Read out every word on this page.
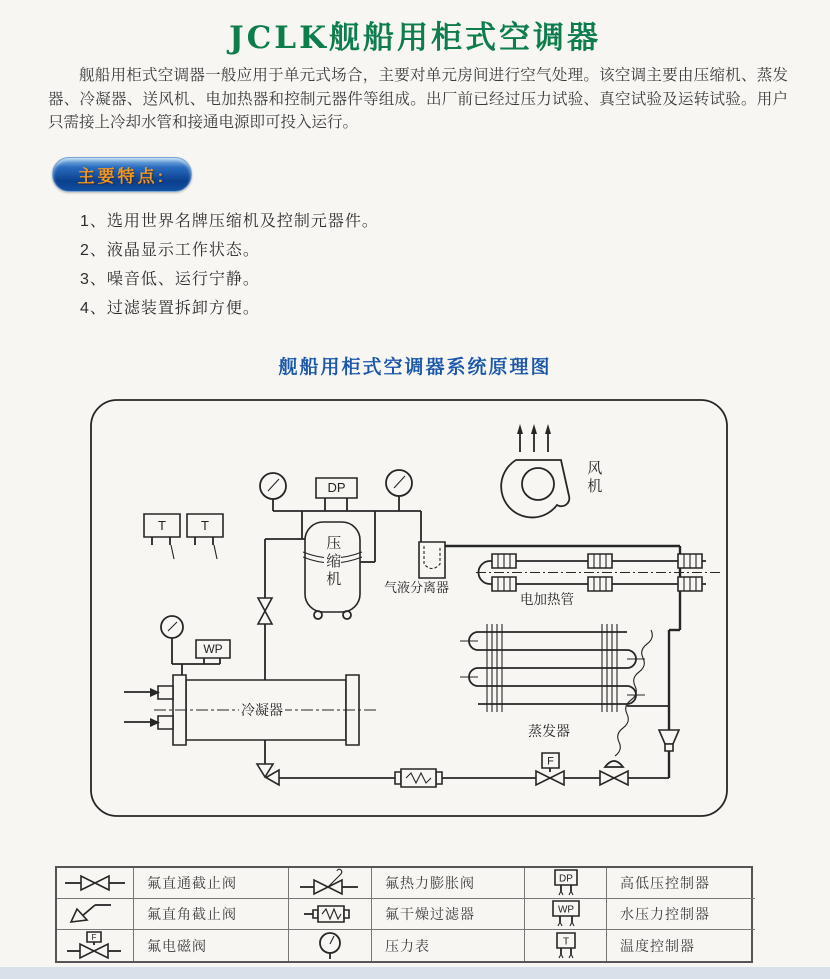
JCLK舰船用柜式空调器

舰船用柜式空调器一般应用于单元式场合，主要对单元房间进行空气处理。该空调主要由压缩机、蒸发器、冷凝器、送风机、电加热器和控制元器件等组成。出厂前已经过压力试验、真空试验及运转试验。用户只需接上冷却水管和接通电源即可投入运行。

主要特点:
1、选用世界名牌压缩机及控制元器件。
2、液晶显示工作状态。
3、噪音低、运行宁静。
4、过滤装置拆卸方便。
舰船用柜式空调器系统原理图
T	T
DP
WP
F
风机
压缩机	气液分离器
电加热管
蒸发器
冷凝器
氟直通截止阀	氟热力膨胀阀	DP	高低压控制器
氟直角截止阀	氟干燥过滤器	WP	水压力控制器
F
氟电磁阀	压力表	T	温度控制器
